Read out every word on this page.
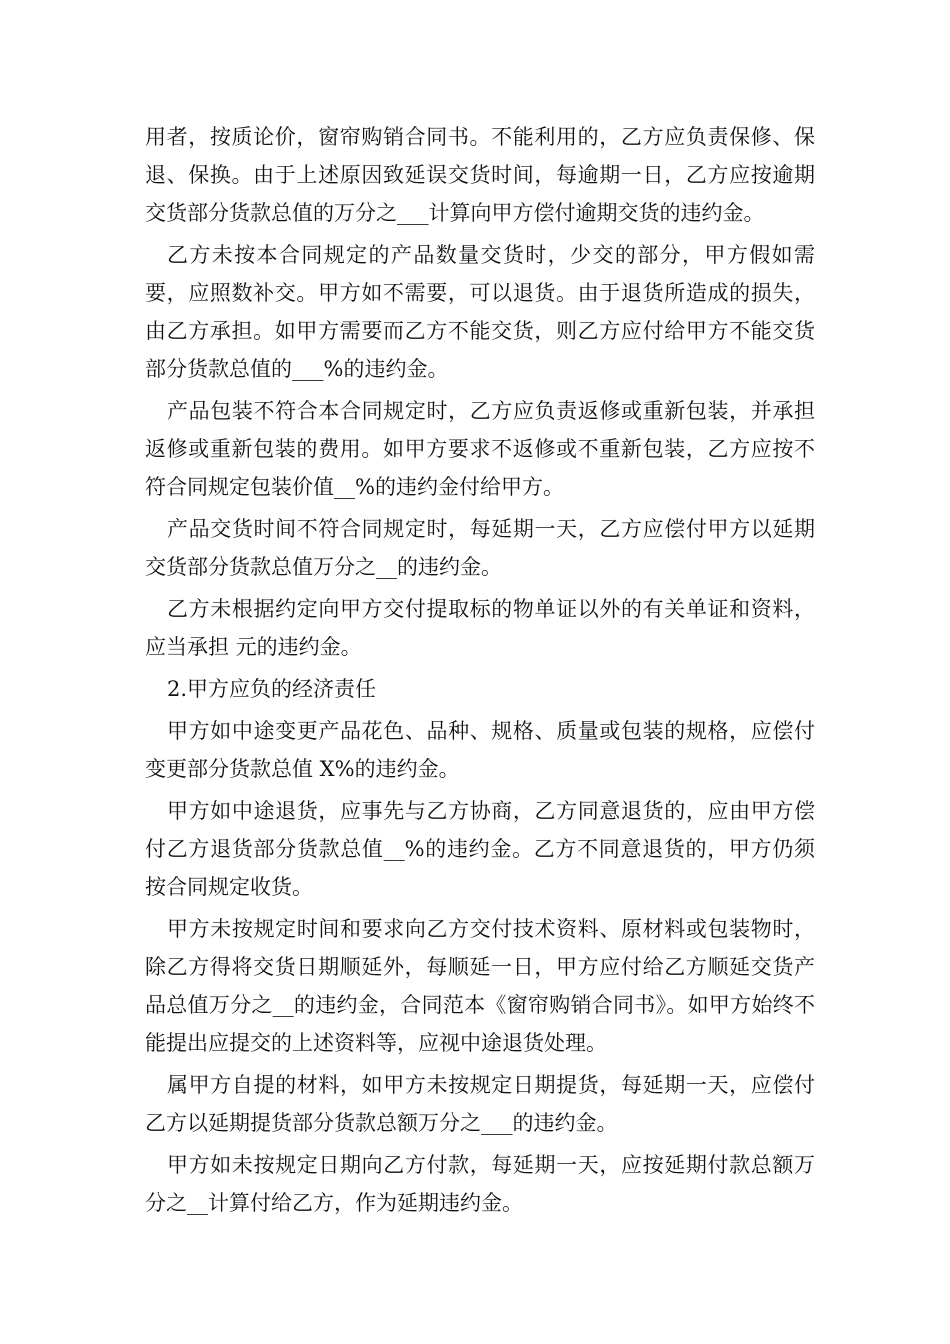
用者，按质论价，窗帘购销合同书。不能利用的，乙方应负责保修、保退、保换。由于上述原因致延误交货时间，每逾期一日，乙方应按逾期交货部分货款总值的万分之___计算向甲方偿付逾期交货的违约金。

乙方未按本合同规定的产品数量交货时，少交的部分，甲方假如需要，应照数补交。甲方如不需要，可以退货。由于退货所造成的损失，由乙方承担。如甲方需要而乙方不能交货，则乙方应付给甲方不能交货部分货款总值的___%的违约金。

产品包装不符合本合同规定时，乙方应负责返修或重新包装，并承担返修或重新包装的费用。如甲方要求不返修或不重新包装，乙方应按不符合同规定包装价值__%的违约金付给甲方。

产品交货时间不符合同规定时，每延期一天，乙方应偿付甲方以延期交货部分货款总值万分之__的违约金。

乙方未根据约定向甲方交付提取标的物单证以外的有关单证和资料，应当承担 元的违约金。

2.甲方应负的经济责任

甲方如中途变更产品花色、品种、规格、质量或包装的规格，应偿付变更部分货款总值 X%的违约金。

甲方如中途退货，应事先与乙方协商，乙方同意退货的，应由甲方偿付乙方退货部分货款总值__%的违约金。乙方不同意退货的，甲方仍须按合同规定收货。

甲方未按规定时间和要求向乙方交付技术资料、原材料或包装物时，除乙方得将交货日期顺延外，每顺延一日，甲方应付给乙方顺延交货产品总值万分之__的违约金，合同范本《窗帘购销合同书》。如甲方始终不能提出应提交的上述资料等，应视中途退货处理。

属甲方自提的材料，如甲方未按规定日期提货，每延期一天，应偿付乙方以延期提货部分货款总额万分之___的违约金。

甲方如未按规定日期向乙方付款，每延期一天，应按延期付款总额万分之__计算付给乙方，作为延期违约金。
